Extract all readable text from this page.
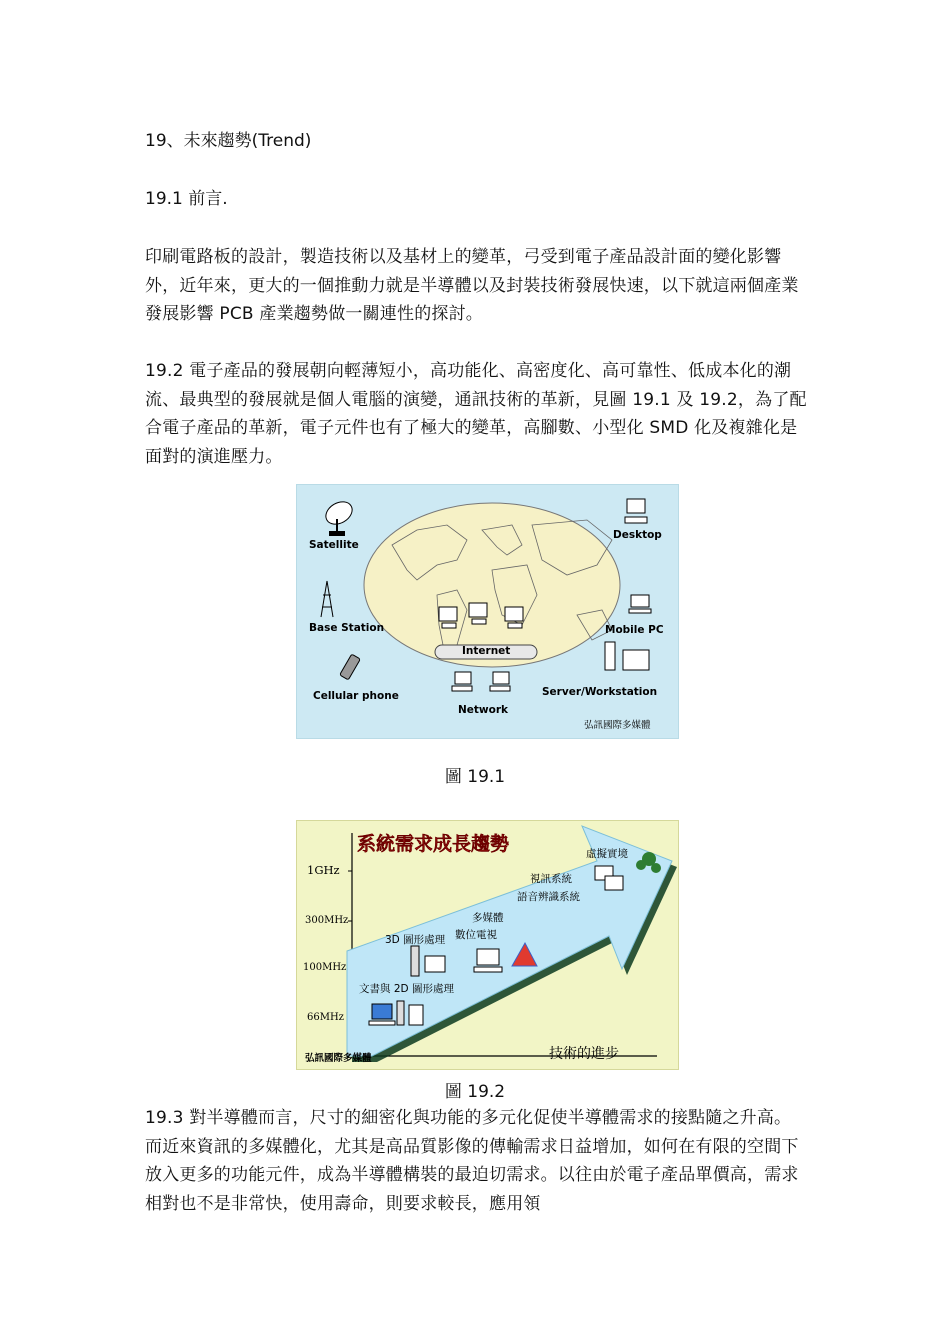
19、未來趨勢(Trend)
19.1 前言.
印刷電路板的設計，製造技術以及基材上的變革，弓受到電子產品設計面的變化影響外，近年來，更大的一個推動力就是半導體以及封裝技術發展快速，以下就這兩個產業發展影響 PCB 產業趨勢做一關連性的探討。
19.2 電子產品的發展朝向輕薄短小，高功能化、高密度化、高可靠性、低成本化的潮流、最典型的發展就是個人電腦的演變，通訊技術的革新，見圖 19.1 及 19.2，為了配合電子產品的革新，電子元件也有了極大的變革，高腳數、小型化 SMD 化及複雜化是面對的演進壓力。
Satellite
Desktop
Base Station	Mobile PC
Internet
Cellular phone	Server/Workstation
Network
弘訊國際多媒體
圖 19.1
系統需求成長趨勢
1GHz
300MHz
100MHz
66MHz
虛擬實境
視訊系統
語音辨識系統
多媒體
數位電視
3D 圖形處理
文書與 2D 圖形處理
技術的進步
弘訊國際多媒體
圖 19.2
19.3 對半導體而言，尺寸的細密化與功能的多元化促使半導體需求的接點隨之升高。而近來資訊的多媒體化，尤其是高品質影像的傳輸需求日益增加，如何在有限的空間下放入更多的功能元件，成為半導體構裝的最迫切需求。以往由於電子產品單價高，需求相對也不是非常快，使用壽命，則要求較長，應用領
